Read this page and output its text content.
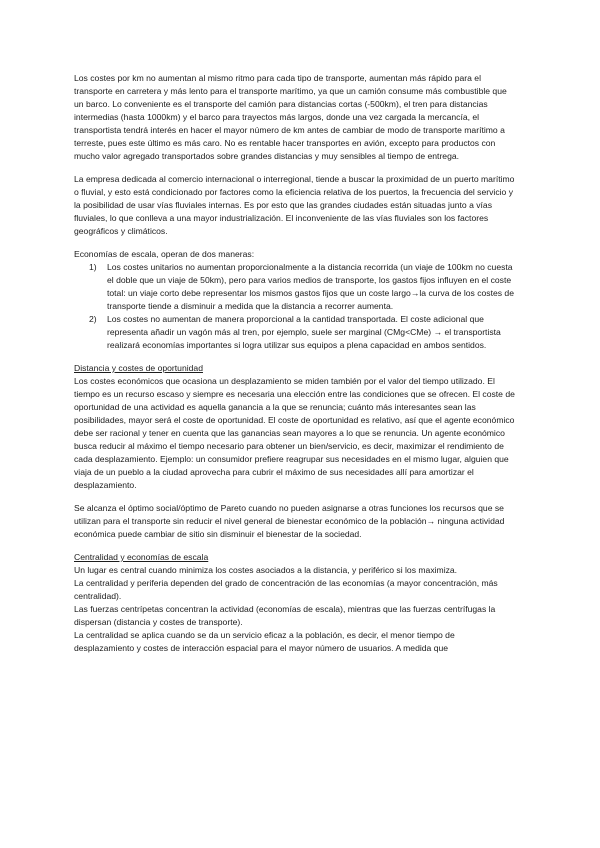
Los costes por km no aumentan al mismo ritmo para cada tipo de transporte, aumentan más rápido para el transporte en carretera y más lento para el transporte marítimo, ya que un camión consume más combustible que un barco. Lo conveniente es el transporte del camión para distancias cortas (-500km), el tren para distancias intermedias (hasta 1000km) y el barco para trayectos más largos, donde una vez cargada la mercancía, el transportista tendrá interés en hacer el mayor número de km antes de cambiar de modo de transporte marítimo a terreste, pues este último es más caro. No es rentable hacer transportes en avión, excepto para productos con mucho valor agregado transportados sobre grandes distancias y muy sensibles al tiempo de entrega.

La empresa dedicada al comercio internacional o interregional, tiende a buscar la proximidad de un puerto marítimo o fluvial, y esto está condicionado por factores como la eficiencia relativa de los puertos, la frecuencia del servicio y la posibilidad de usar vías fluviales internas. Es por esto que las grandes ciudades están situadas junto a vías fluviales, lo que conlleva a una mayor industrialización. El inconveniente de las vías fluviales son los factores geográficos y climáticos.

Economías de escala, operan de dos maneras:

1) Los costes unitarios no aumentan proporcionalmente a la distancia recorrida (un viaje de 100km no cuesta el doble que un viaje de 50km), pero para varios medios de transporte, los gastos fijos influyen en el coste total: un viaje corto debe representar los mismos gastos fijos que un coste largo→la curva de los costes de transporte tiende a disminuir a medida que la distancia a recorrer aumenta.
2) Los costes no aumentan de manera proporcional a la cantidad transportada. El coste adicional que representa añadir un vagón más al tren, por ejemplo, suele ser marginal (CMg<CMe) → el transportista realizará economías importantes si logra utilizar sus equipos a plena capacidad en ambos sentidos.

Distancia y costes de oportunidad

Los costes económicos que ocasiona un desplazamiento se miden también por el valor del tiempo utilizado. El tiempo es un recurso escaso y siempre es necesaria una elección entre las condiciones que se ofrecen. El coste de oportunidad de una actividad es aquella ganancia a la que se renuncia; cuánto más interesantes sean las posibilidades, mayor será el coste de oportunidad. El coste de oportunidad es relativo, así que el agente económico debe ser racional y tener en cuenta que las ganancias sean mayores a lo que se renuncia. Un agente económico busca reducir al máximo el tiempo necesario para obtener un bien/servicio, es decir, maximizar el rendimiento de cada desplazamiento. Ejemplo: un consumidor prefiere reagrupar sus necesidades en el mismo lugar, alguien que viaja de un pueblo a la ciudad aprovecha para cubrir el máximo de sus necesidades allí para amortizar el desplazamiento.

Se alcanza el óptimo social/óptimo de Pareto cuando no pueden asignarse a otras funciones los recursos que se utilizan para el transporte sin reducir el nivel general de bienestar económico de la población→ ninguna actividad económica puede cambiar de sitio sin disminuir el bienestar de la sociedad.

Centralidad y economías de escala

Un lugar es central cuando minimiza los costes asociados a la distancia, y periférico si los maximiza.

La centralidad y periferia dependen del grado de concentración de las economías (a mayor concentración, más centralidad).

Las fuerzas centrípetas concentran la actividad (economías de escala), mientras que las fuerzas centrífugas la dispersan (distancia y costes de transporte).

La centralidad se aplica cuando se da un servicio eficaz a la población, es decir, el menor tiempo de desplazamiento y costes de interacción espacial para el mayor número de usuarios. A medida que
